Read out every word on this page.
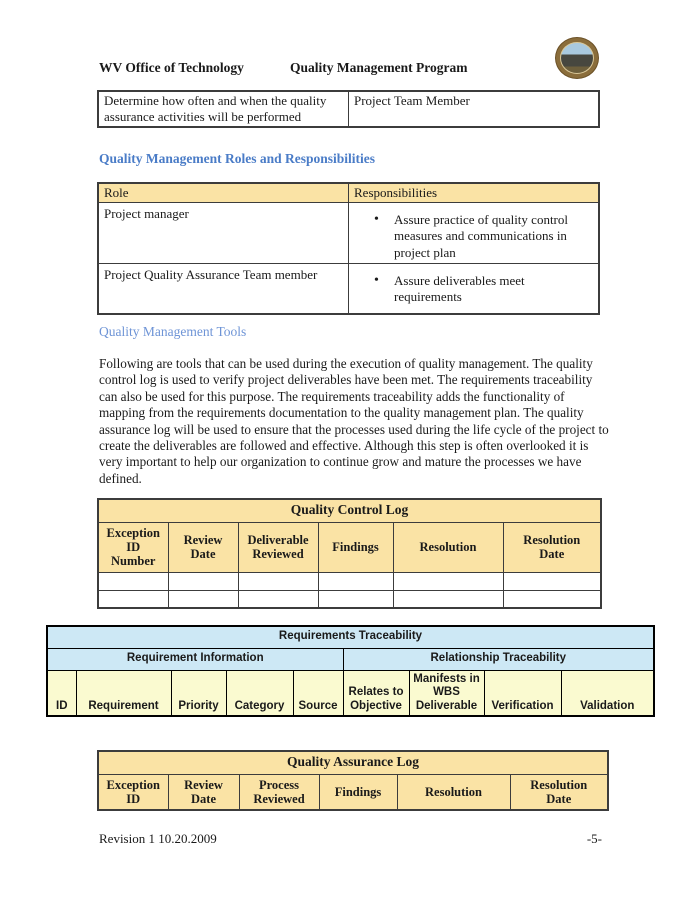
WV Office of Technology	Quality Management Program
Determine how often and when the quality assurance activities will be performed	Project Team Member
Quality Management Roles and Responsibilities
Role	Responsibilities
Project manager	• Assure practice of quality control measures and communications in project plan

Project Quality Assurance Team member	• Assure deliverables meet requirements
Quality Management Tools
Following are tools that can be used during the execution of quality management. The quality control log is used to verify project deliverables have been met. The requirements traceability can also be used for this purpose. The requirements traceability adds the functionality of mapping from the requirements documentation to the quality management plan. The quality assurance log will be used to ensure that the processes used during the life cycle of the project to create the deliverables are followed and effective. Although this step is often overlooked it is very important to help our organization to continue grow and mature the processes we have defined.
Quality Control Log					
Exception ID Number	Review Date	Deliverable Reviewed	Findings	Resolution	Resolution Date

Requirements Traceability								
Requirement Information					Relationship Traceability			
ID	Requirement	Priority	Category	Source	Relates to Objective	Manifests in WBS Deliverable	Verification	Validation
Quality Assurance Log
Exception ID	Review Date	Process Reviewed	Findings	Resolution	Resolution Date
Revision 1 10.20.2009	-5-
